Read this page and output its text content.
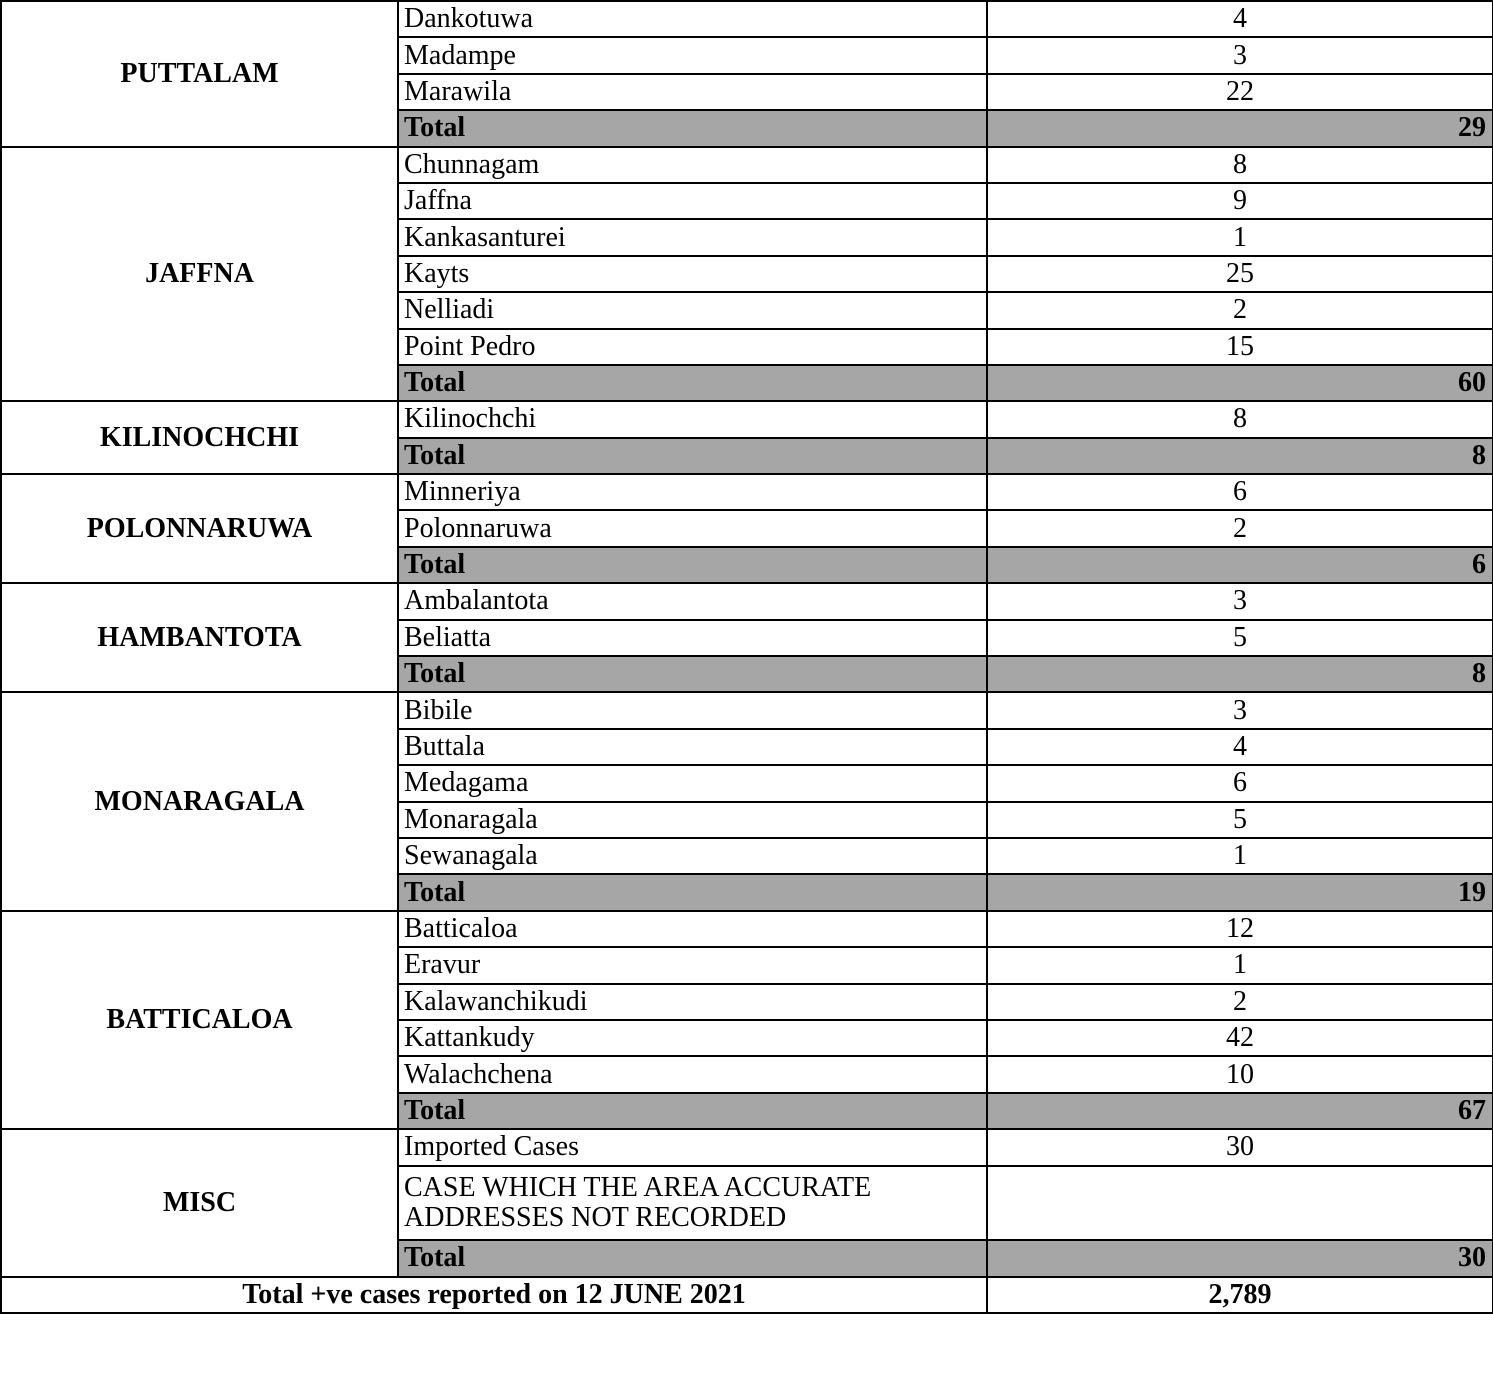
PUTTALAM	Dankotuwa	4
	Madampe	3
	Marawila	22
	Total	29
JAFFNA	Chunnagam	8
	Jaffna	9
	Kankasanturei	1
	Kayts	25
	Nelliadi	2
	Point Pedro	15
	Total	60
KILINOCHCHI	Kilinochchi	8
	Total	8
POLONNARUWA	Minneriya	6
	Polonnaruwa	2
	Total	6
HAMBANTOTA	Ambalantota	3
	Beliatta	5
	Total	8
MONARAGALA	Bibile	3
	Buttala	4
	Medagama	6
	Monaragala	5
	Sewanagala	1
	Total	19
BATTICALOA	Batticaloa	12
	Eravur	1
	Kalawanchikudi	2
	Kattankudy	42
	Walachchena	10
	Total	67
MISC	Imported Cases	30
	CASE WHICH THE AREA ACCURATE ADDRESSES NOT RECORDED	
	Total	30
Total +ve cases reported on 12 JUNE 2021		2,789
